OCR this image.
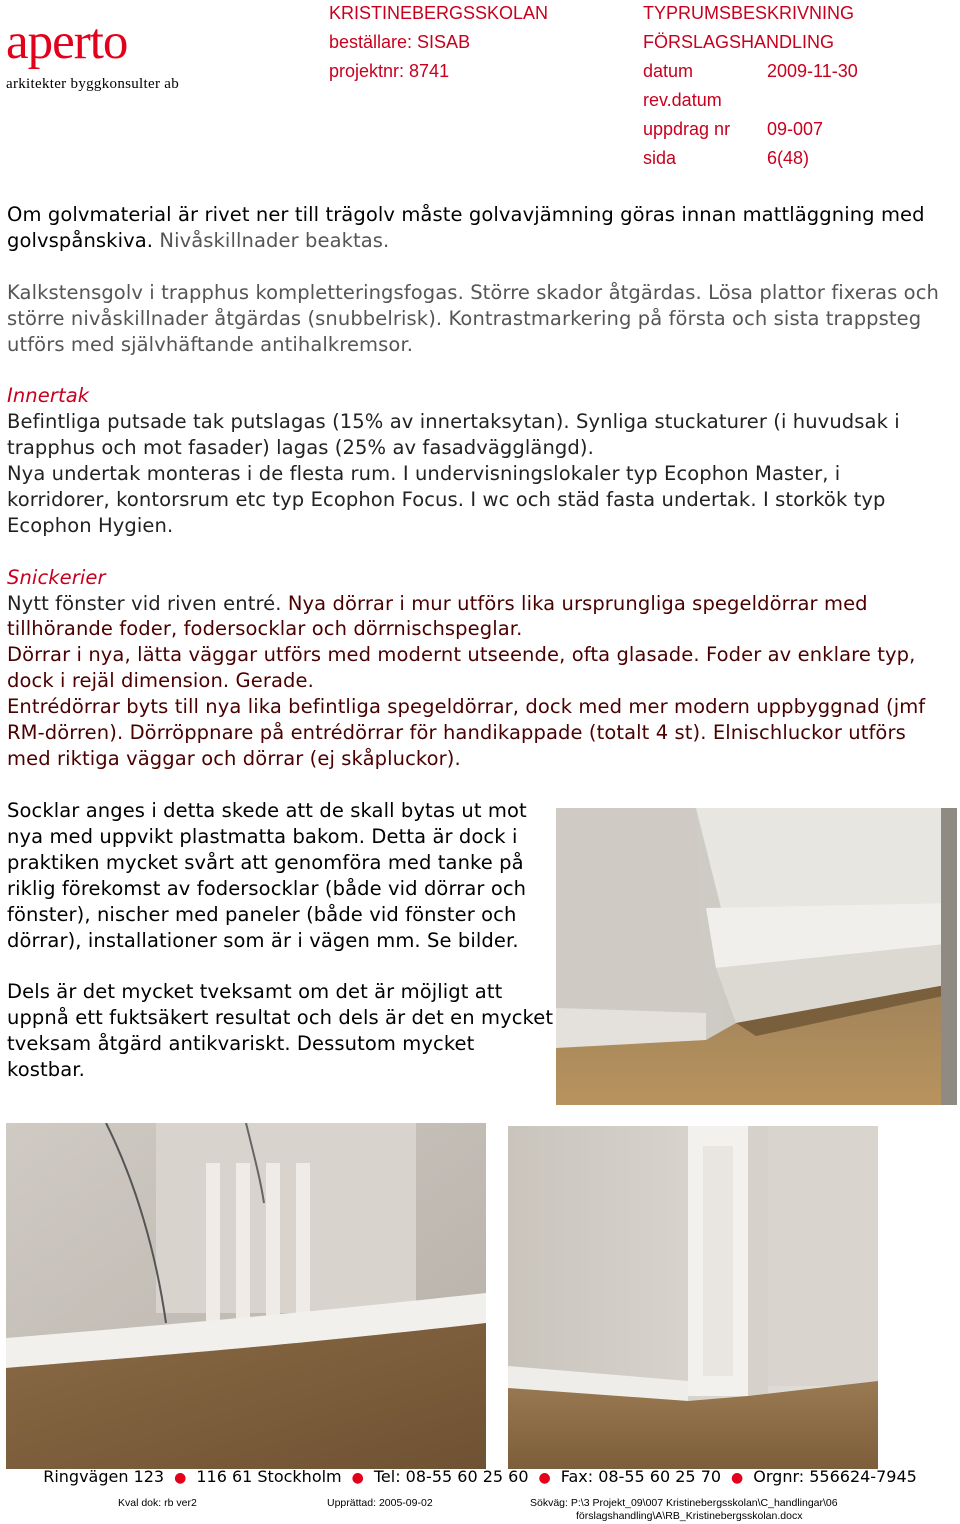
aperto
arkitekter byggkonsulter ab
KRISTINEBERGSSKOLAN
beställare: SISAB
projektnr: 8741
TYPRUMSBESKRIVNING
FÖRSLAGSHANDLING
datum	2009-11-30
rev.datum
uppdrag nr	09-007
sida	6(48)

Om golvmaterial är rivet ner till trägolv måste golvavjämning göras innan mattläggning med golvspånskiva. Nivåskillnader beaktas.

Kalkstensgolv i trapphus kompletteringsfogas. Större skador åtgärdas. Lösa plattor fixeras och större nivåskillnader åtgärdas (snubbelrisk). Kontrastmarkering på första och sista trappsteg utförs med självhäftande antihalkremsor.

Innertak

Befintliga putsade tak putslagas (15% av innertaksytan). Synliga stuckaturer (i huvudsak i trapphus och mot fasader) lagas (25% av fasadvägglängd).

Nya undertak monteras i de flesta rum. I undervisningslokaler typ Ecophon Master, i korridorer, kontorsrum etc typ Ecophon Focus. I wc och städ fasta undertak. I storkök typ Ecophon Hygien.

Snickerier

Nytt fönster vid riven entré. Nya dörrar i mur utförs lika ursprungliga spegeldörrar med tillhörande foder, fodersocklar och dörrnischspeglar.

Dörrar i nya, lätta väggar utförs med modernt utseende, ofta glasade. Foder av enklare typ, dock i rejäl dimension. Gerade.

Entrédörrar byts till nya lika befintliga spegeldörrar, dock med mer modern uppbyggnad (jmf RM-dörren). Dörröppnare på entrédörrar för handikappade (totalt 4 st). Elnischluckor utförs med riktiga väggar och dörrar (ej skåpluckor).

Socklar anges i detta skede att de skall bytas ut mot nya med uppvikt plastmatta bakom. Detta är dock i praktiken mycket svårt att genomföra med tanke på riklig förekomst av fodersocklar (både vid dörrar och fönster), nischer med paneler (både vid fönster och dörrar), installationer som är i vägen mm. Se bilder.

Dels är det mycket tveksamt om det är möjligt att uppnå ett fuktsäkert resultat och dels är det en mycket tveksam åtgärd antikvariskt. Dessutom mycket kostbar.

Ringvägen 123 ● 116 61 Stockholm ● Tel: 08-55 60 25 60 ● Fax: 08-55 60 25 70 ● Orgnr: 556624-7945
Kval dok: rb ver2	Upprättad: 2005-09-02	Sökväg: P:\3 Projekt_09\007 Kristinebergsskolan\C_handlingar\06
förslagshandling\A\RB_Kristinebergsskolan.docx
